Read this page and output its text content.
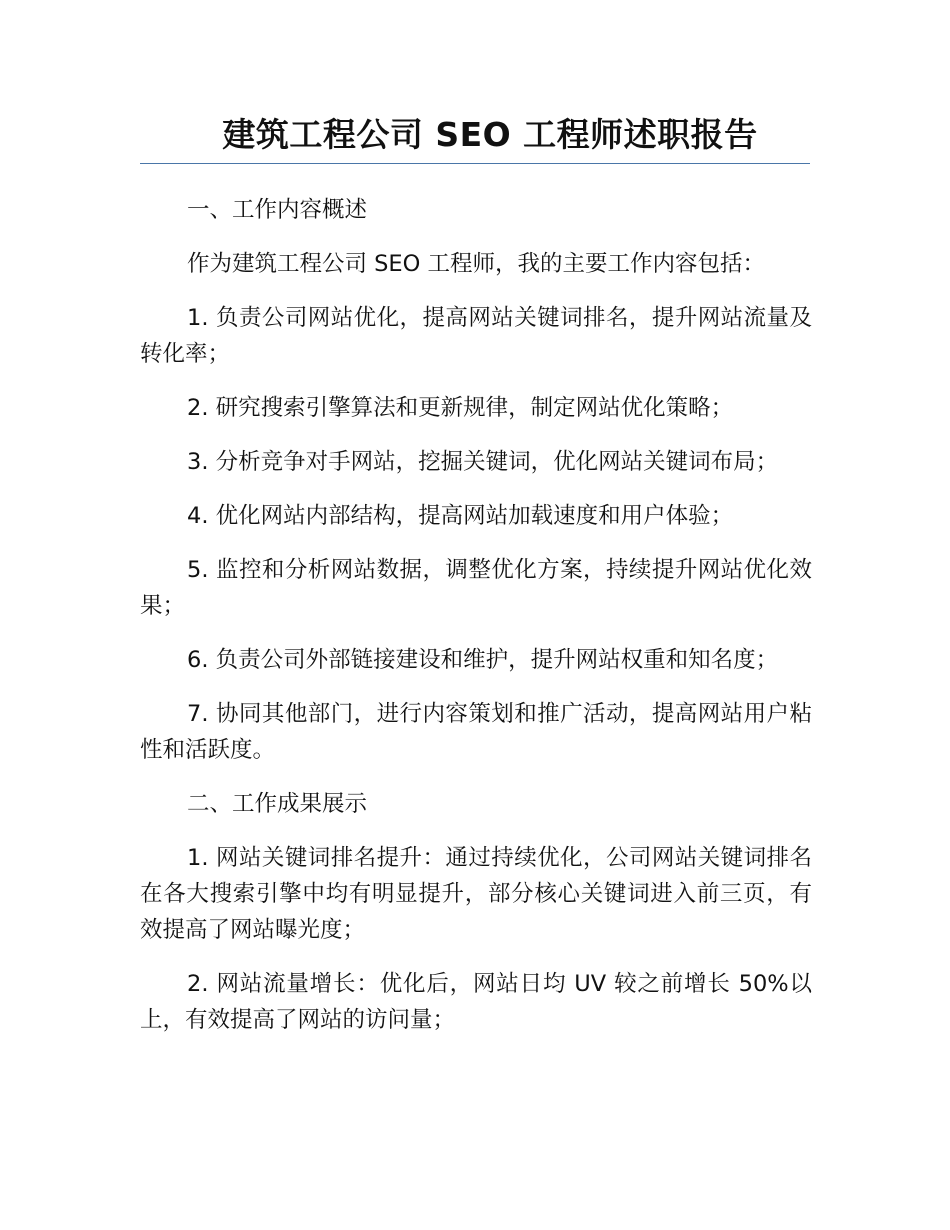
建筑工程公司 SEO 工程师述职报告

一、工作内容概述

作为建筑工程公司 SEO 工程师，我的主要工作内容包括：

1. 负责公司网站优化，提高网站关键词排名，提升网站流量及转化率；

2. 研究搜索引擎算法和更新规律，制定网站优化策略；

3. 分析竞争对手网站，挖掘关键词，优化网站关键词布局；

4. 优化网站内部结构，提高网站加载速度和用户体验；

5. 监控和分析网站数据，调整优化方案，持续提升网站优化效果；

6. 负责公司外部链接建设和维护，提升网站权重和知名度；

7. 协同其他部门，进行内容策划和推广活动，提高网站用户粘性和活跃度。

二、工作成果展示

1. 网站关键词排名提升：通过持续优化，公司网站关键词排名在各大搜索引擎中均有明显提升，部分核心关键词进入前三页，有效提高了网站曝光度；

2. 网站流量增长：优化后，网站日均 UV 较之前增长 50%以上，有效提高了网站的访问量；
